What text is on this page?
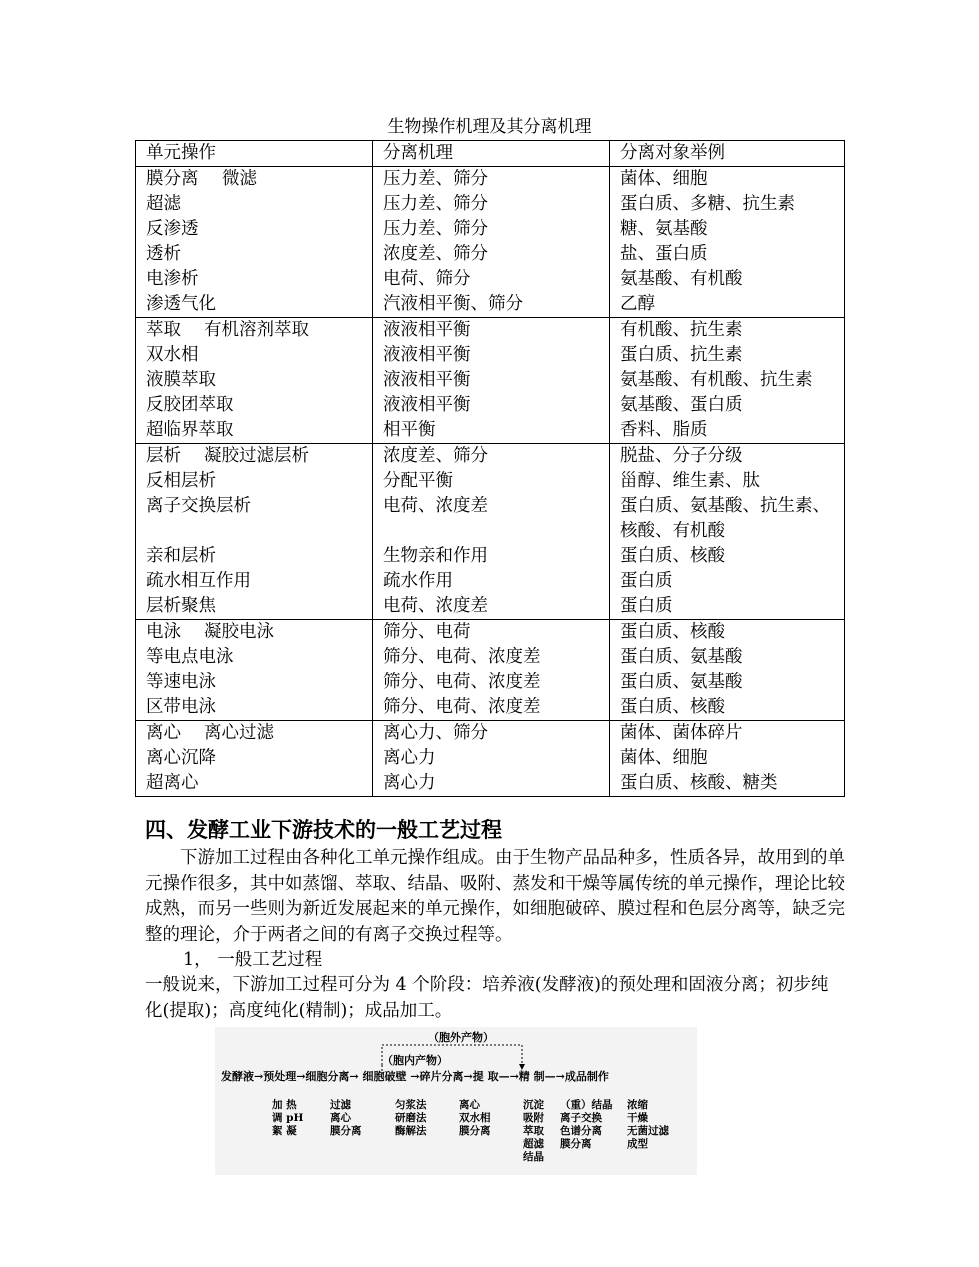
生物操作机理及其分离机理
单元操作	分离机理	分离对象举例
膜分离 微滤	压力差、筛分	菌体、细胞

超滤	压力差、筛分	蛋白质、多糖、抗生素

反渗透	压力差、筛分	糖、氨基酸

透析	浓度差、筛分	盐、蛋白质

电渗析	电荷、筛分	氨基酸、有机酸

渗透气化	汽液相平衡、筛分	乙醇

萃取 有机溶剂萃取	液液相平衡	有机酸、抗生素

双水相	液液相平衡	蛋白质、抗生素

液膜萃取	液液相平衡	氨基酸、有机酸、抗生素

反胶团萃取	液液相平衡	氨基酸、蛋白质

超临界萃取	相平衡	香料、脂质

层析 凝胶过滤层析	浓度差、筛分	脱盐、分子分级

反相层析	分配平衡	甾醇、维生素、肽

离子交换层析	电荷、浓度差	蛋白质、氨基酸、抗生素、
核酸、有机酸

亲和层析	生物亲和作用	蛋白质、核酸

疏水相互作用	疏水作用	蛋白质

层析聚焦	电荷、浓度差	蛋白质

电泳 凝胶电泳	筛分、电荷	蛋白质、核酸

等电点电泳	筛分、电荷、浓度差	蛋白质、氨基酸

等速电泳	筛分、电荷、浓度差	蛋白质、氨基酸

区带电泳	筛分、电荷、浓度差	蛋白质、核酸

离心 离心过滤	离心力、筛分	菌体、菌体碎片

离心沉降	离心力	菌体、细胞

超离心	离心力	蛋白质、核酸、糖类
四、发酵工业下游技术的一般工艺过程
下游加工过程由各种化工单元操作组成。由于生物产品品种多，性质各异，故用到的单元操作很多，其中如蒸馏、萃取、结晶、吸附、蒸发和干燥等属传统的单元操作，理论比较成熟，而另一些则为新近发展起来的单元操作，如细胞破碎、膜过程和色层分离等，缺乏完整的理论，介于两者之间的有离子交换过程等。
1， 一般工艺过程
一般说来，下游加工过程可分为 4 个阶段：培养液(发酵液)的预处理和固液分离；初步纯化(提取)；高度纯化(精制)；成品加工。
（胞外产物）
（胞内产物）
发酵液→预处理→细胞分离→ 细胞破壁 →碎片分离→提 取—→精 制—→成品制作
加 热
调 pH
絮 凝
过滤
离心
膜分离
匀浆法
研磨法
酶解法
离心
双水相
膜分离
沉淀
吸附
萃取
超滤
结晶
（重）结晶
离子交换
色谱分离
膜分离
浓缩
干燥
无菌过滤
成型
